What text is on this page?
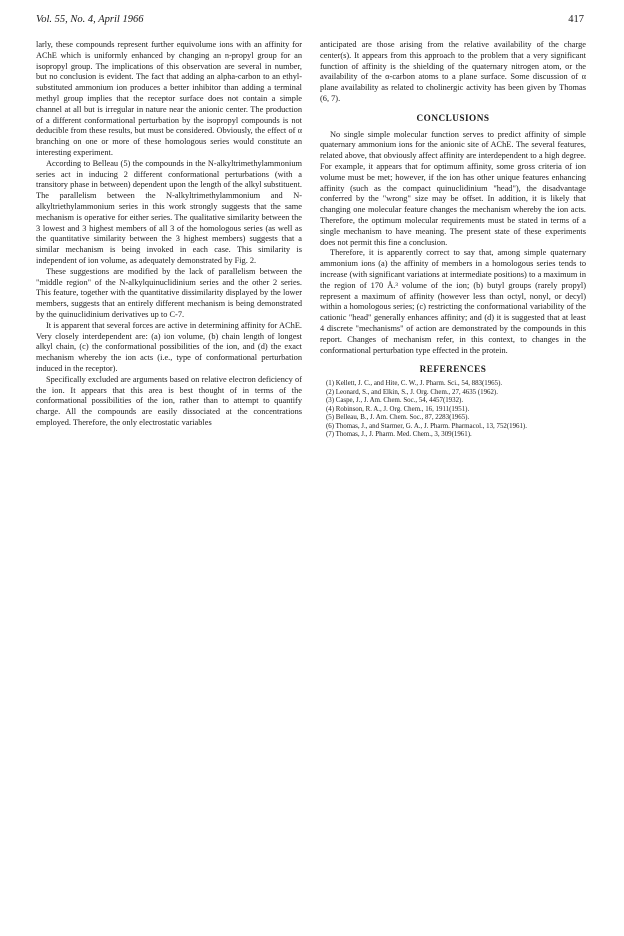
Vol. 55, No. 4, April 1966	417

larly, these compounds represent further equivolume ions with an affinity for AChE which is uniformly enhanced by changing an n-propyl group for an isopropyl group. The implications of this observation are several in number, but no conclusion is evident. The fact that adding an alpha-carbon to an ethyl-substituted ammonium ion produces a better inhibitor than adding a terminal methyl group implies that the receptor surface does not contain a simple channel at all but is irregular in nature near the anionic center. The production of a different conformational perturbation by the isopropyl compounds is not deducible from these results, but must be considered. Obviously, the effect of α branching on one or more of these homologous series would constitute an interesting experiment.

According to Belleau (5) the compounds in the N-alkyltrimethylammonium series act in inducing 2 different conformational perturbations (with a transitory phase in between) dependent upon the length of the alkyl substituent. The parallelism between the N-alkyltrimethylammonium and N-alkyltriethylammonium series in this work strongly suggests that the same mechanism is operative for either series. The qualitative similarity between the 3 lowest and 3 highest members of all 3 of the homologous series (as well as the quantitative similarity between the 3 highest members) suggests that a similar mechanism is being invoked in each case. This similarity is independent of ion volume, as adequately demonstrated by Fig. 2.

These suggestions are modified by the lack of parallelism between the "middle region" of the N-alkylquinuclidinium series and the other 2 series. This feature, together with the quantitative dissimilarity displayed by the lower members, suggests that an entirely different mechanism is being demonstrated by the quinuclidinium derivatives up to C-7.

It is apparent that several forces are active in determining affinity for AChE. Very closely interdependent are: (a) ion volume, (b) chain length of longest alkyl chain, (c) the conformational possibilities of the ion, and (d) the exact mechanism whereby the ion acts (i.e., type of conformational perturbation induced in the receptor).

Specifically excluded are arguments based on relative electron deficiency of the ion. It appears that this area is best thought of in terms of the conformational possibilities of the ion, rather than to attempt to quantify charge. All the compounds are easily dissociated at the concentrations employed. Therefore, the only electrostatic variables

anticipated are those arising from the relative availability of the charge center(s). It appears from this approach to the problem that a very significant function of affinity is the shielding of the quaternary nitrogen atom, or the availability of the α-carbon atoms to a plane surface. Some discussion of α plane availability as related to cholinergic activity has been given by Thomas (6, 7).

CONCLUSIONS

No single simple molecular function serves to predict affinity of simple quaternary ammonium ions for the anionic site of AChE. The several features, related above, that obviously affect affinity are interdependent to a high degree. For example, it appears that for optimum affinity, some gross criteria of ion volume must be met; however, if the ion has other unique features enhancing affinity (such as the compact quinuclidinium "head"), the disadvantage conferred by the "wrong" size may be offset. In addition, it is likely that changing one molecular feature changes the mechanism whereby the ion acts. Therefore, the optimum molecular requirements must be stated in terms of a single mechanism to have meaning. The present state of these experiments does not permit this fine a conclusion.

Therefore, it is apparently correct to say that, among simple quaternary ammonium ions (a) the affinity of members in a homologous series tends to increase (with significant variations at intermediate positions) to a maximum in the region of 170 Å.³ volume of the ion; (b) butyl groups (rarely propyl) represent a maximum of affinity (however less than octyl, nonyl, or decyl) within a homologous series; (c) restricting the conformational variability of the cationic "head" generally enhances affinity; and (d) it is suggested that at least 4 discrete "mechanisms" of action are demonstrated by the compounds in this report. Changes of mechanism refer, in this context, to changes in the conformational perturbation type effected in the protein.

REFERENCES

(1) Kellett, J. C., and Hite, C. W., J. Pharm. Sci., 54, 883(1965).

(2) Leonard, S., and Elkin, S., J. Org. Chem., 27, 4635 (1962).

(3) Caspe, J., J. Am. Chem. Soc., 54, 4457(1932).

(4) Robinson, R. A., J. Org. Chem., 16, 1911(1951).

(5) Belleau, B., J. Am. Chem. Soc., 87, 2283(1965).

(6) Thomas, J., and Starmer, G. A., J. Pharm. Pharmacol., 13, 752(1961).

(7) Thomas, J., J. Pharm. Med. Chem., 3, 309(1961).
